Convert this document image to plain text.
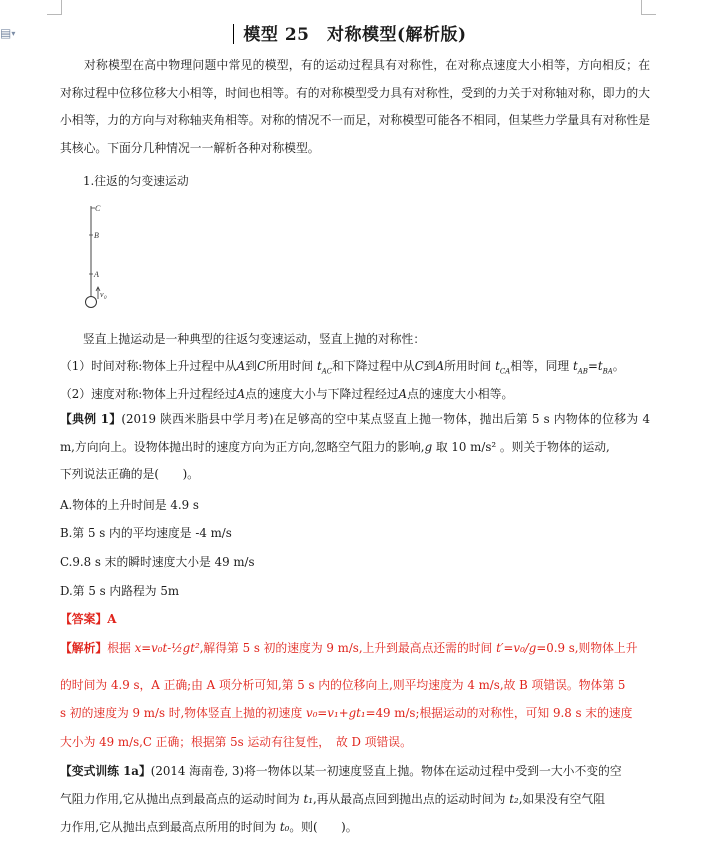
▤▾	模型 25　对称模型(解析版)
对称模型在高中物理问题中常见的模型，有的运动过程具有对称性，在对称点速度大小相等，方向相反；在对称过程中位移位移大小相等，时间也相等。有的对称模型受力具有对称性，受到的力关于对称轴对称，即力的大小相等，力的方向与对称轴夹角相等。对称的情况不一而足，对称模型可能各不相同，但某些力学量具有对称性是其核心。下面分几种情况一一解析各种对称模型。
1.往返的匀变速运动
C
B
A
v 0
竖直上抛运动是一种典型的往返匀变速运动，竖直上抛的对称性：
（1）时间对称:物体上升过程中从A到C所用时间 $t_{AC}$和下降过程中从C到A所用时间 $t_{CA}$相等，同理 $t_{AB}=t_{BA}$。
（2）速度对称:物体上升过程经过A点的速度大小与下降过程经过A点的速度大小相等。
【典例 1】(2019 陕西米脂县中学月考)在足够高的空中某点竖直上抛一物体，抛出后第 5 s 内物体的位移为 4 m,方向向上。设物体抛出时的速度方向为正方向,忽略空气阻力的影响,g 取 10 m/s² 。则关于物体的运动,
下列说法正确的是(　　)。
A.物体的上升时间是 4.9 s
B.第 5 s 内的平均速度是 -4 m/s
C.9.8 s 末的瞬时速度大小是 49 m/s
D.第 5 s 内路程为 5m
【答案】A
【解析】根据 x=v₀t-½gt²,解得第 5 s 初的速度为 9 m/s,上升到最高点还需的时间 t′=v₀/g=0.9 s,则物体上升
的时间为 4.9 s，A 正确;由 A 项分析可知,第 5 s 内的位移向上,则平均速度为 4 m/s,故 B 项错误。物体第 5
s 初的速度为 9 m/s 时,物体竖直上抛的初速度 v₀=v₁+gt₁=49 m/s;根据运动的对称性，可知 9.8 s 末的速度
大小为 49 m/s,C 正确；根据第 5s 运动有往复性，　故 D 项错误。
【变式训练 1a】(2014 海南卷, 3)将一物体以某一初速度竖直上抛。物体在运动过程中受到一大小不变的空
气阻力作用,它从抛出点到最高点的运动时间为 t₁,再从最高点回到抛出点的运动时间为 t₂,如果没有空气阻
力作用,它从抛出点到最高点所用的时间为 t₀。则(　　)。
